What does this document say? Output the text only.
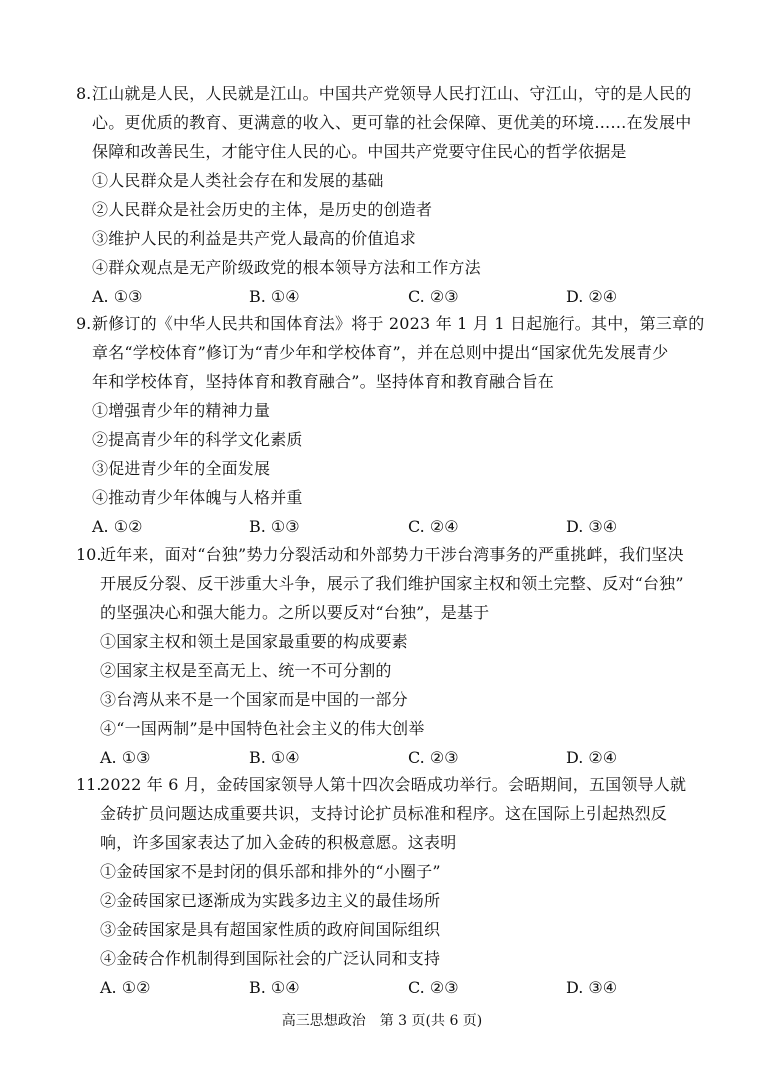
8. 江山就是人民，人民就是江山。中国共产党领导人民打江山、守江山，守的是人民的
心。更优质的教育、更满意的收入、更可靠的社会保障、更优美的环境……在发展中
保障和改善民生，才能守住人民的心。中国共产党要守住民心的哲学依据是
①人民群众是人类社会存在和发展的基础
②人民群众是社会历史的主体，是历史的创造者
③维护人民的利益是共产党人最高的价值追求
④群众观点是无产阶级政党的根本领导方法和工作方法
A. ①③	B. ①④	C. ②③	D. ②④
9. 新修订的《中华人民共和国体育法》将于 2023 年 1 月 1 日起施行。其中，第三章的
章名“学校体育”修订为“青少年和学校体育”，并在总则中提出“国家优先发展青少
年和学校体育，坚持体育和教育融合”。坚持体育和教育融合旨在
①增强青少年的精神力量
②提高青少年的科学文化素质
③促进青少年的全面发展
④推动青少年体魄与人格并重
A. ①②	B. ①③	C. ②④	D. ③④
10.
近年来，面对“台独”势力分裂活动和外部势力干涉台湾事务的严重挑衅，我们坚决
开展反分裂、反干涉重大斗争，展示了我们维护国家主权和领土完整、反对“台独”
的坚强决心和强大能力。之所以要反对“台独”，是基于
①国家主权和领土是国家最重要的构成要素
②国家主权是至高无上、统一不可分割的
③台湾从来不是一个国家而是中国的一部分
④“一国两制”是中国特色社会主义的伟大创举
A. ①③	B. ①④	C. ②③	D. ②④
11.
2022 年 6 月，金砖国家领导人第十四次会晤成功举行。会晤期间，五国领导人就
金砖扩员问题达成重要共识，支持讨论扩员标准和程序。这在国际上引起热烈反
响，许多国家表达了加入金砖的积极意愿。这表明
①金砖国家不是封闭的俱乐部和排外的“小圈子”
②金砖国家已逐渐成为实践多边主义的最佳场所
③金砖国家是具有超国家性质的政府间国际组织
④金砖合作机制得到国际社会的广泛认同和支持
A. ①②	B. ①④	C. ②③	D. ③④
高三思想政治　第 3 页(共 6 页)
